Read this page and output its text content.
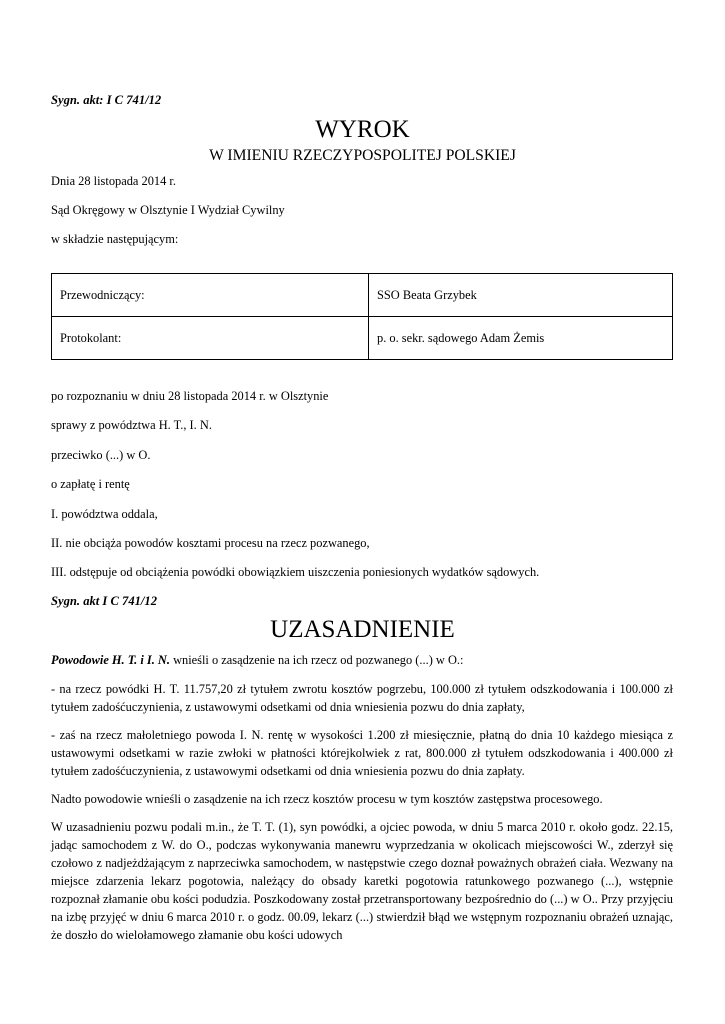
Sygn. akt: I C 741/12

WYROK

W IMIENIU RZECZYPOSPOLITEJ POLSKIEJ

Dnia 28 listopada 2014 r.

Sąd Okręgowy w Olsztynie I Wydział Cywilny

w składzie następującym:

Przewodniczący:	SSO Beata Grzybek
Protokolant:	p. o. sekr. sądowego Adam Żemis

po rozpoznaniu w dniu 28 listopada 2014 r. w Olsztynie

sprawy z powództwa H. T., I. N.

przeciwko (...) w O.

o zapłatę i rentę

I. powództwa oddala,

II. nie obciąża powodów kosztami procesu na rzecz pozwanego,

III. odstępuje od obciążenia powódki obowiązkiem uiszczenia poniesionych wydatków sądowych.

Sygn. akt I C 741/12

UZASADNIENIE

Powodowie H. T. i I. N. wnieśli o zasądzenie na ich rzecz od pozwanego (...) w O.:

- na rzecz powódki H. T. 11.757,20 zł tytułem zwrotu kosztów pogrzebu, 100.000 zł tytułem odszkodowania i 100.000 zł tytułem zadośćuczynienia, z ustawowymi odsetkami od dnia wniesienia pozwu do dnia zapłaty,

- zaś na rzecz małoletniego powoda I. N. rentę w wysokości 1.200 zł miesięcznie, płatną do dnia 10 każdego miesiąca z ustawowymi odsetkami w razie zwłoki w płatności którejkolwiek z rat, 800.000 zł tytułem odszkodowania i 400.000 zł tytułem zadośćuczynienia, z ustawowymi odsetkami od dnia wniesienia pozwu do dnia zapłaty.

Nadto powodowie wnieśli o zasądzenie na ich rzecz kosztów procesu w tym kosztów zastępstwa procesowego.

W uzasadnieniu pozwu podali m.in., że T. T. (1), syn powódki, a ojciec powoda, w dniu 5 marca 2010 r. około godz. 22.15, jadąc samochodem z W. do O., podczas wykonywania manewru wyprzedzania w okolicach miejscowości W., zderzył się czołowo z nadjeżdżającym z naprzeciwka samochodem, w następstwie czego doznał poważnych obrażeń ciała. Wezwany na miejsce zdarzenia lekarz pogotowia, należący do obsady karetki pogotowia ratunkowego pozwanego (...), wstępnie rozpoznał złamanie obu kości podudzia. Poszkodowany został przetransportowany bezpośrednio do (...) w O.. Przy przyjęciu na izbę przyjęć w dniu 6 marca 2010 r. o godz. 00.09, lekarz (...) stwierdził błąd we wstępnym rozpoznaniu obrażeń uznając, że doszło do wielołamowego złamanie obu kości udowych
